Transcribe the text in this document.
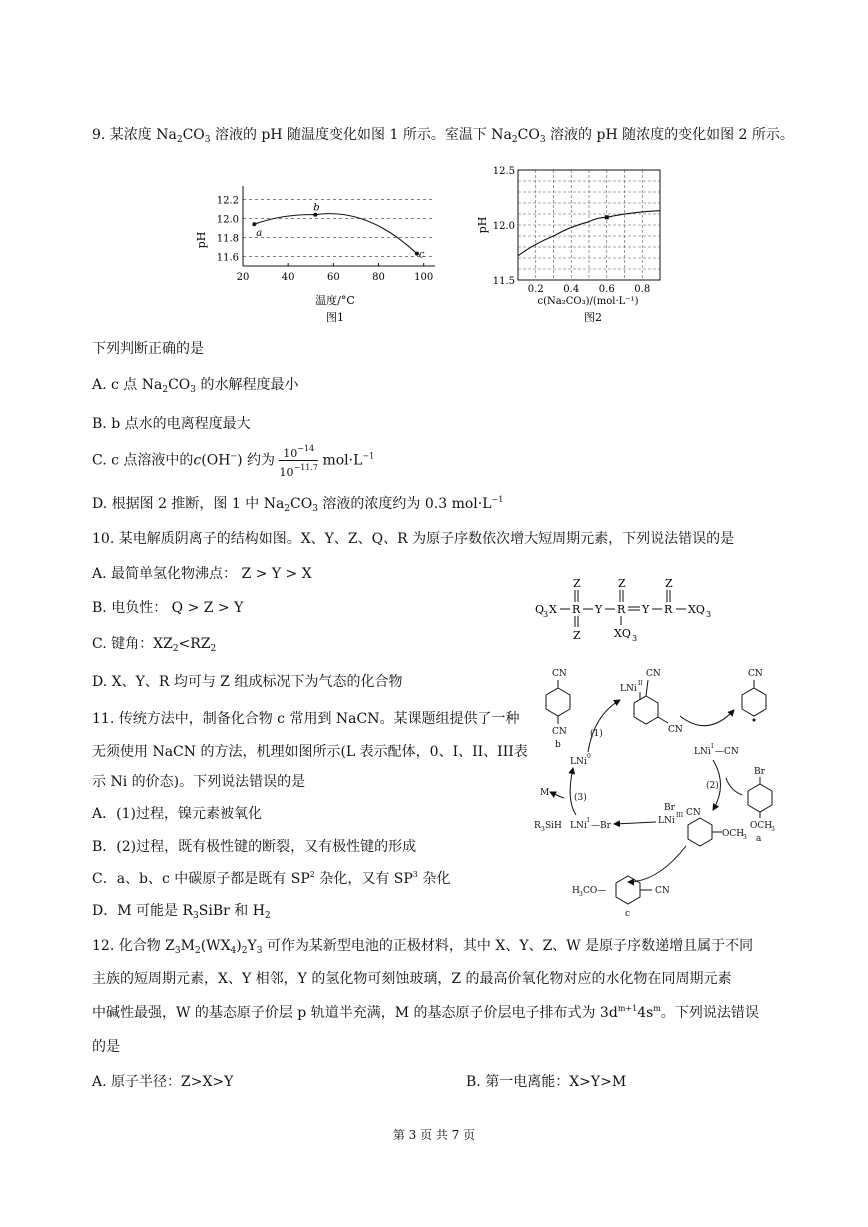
9. 某浓度 $Na_2CO_3$ 溶液的 pH 随温度变化如图 1 所示。室温下 $Na_2CO_3$ 溶液的 pH 随浓度的变化如图 2 所示。
12.2
12.0
11.8
11.6
20	40	60	80	100
a
b
c
pH
温度/°C
图1
12.5
12.0
11.5
0.2 0.4 0.6 0.8
pH
c(Na₂CO₃)/(mol·L⁻¹)
图2
下列判断正确的是
A. c 点 $Na_2CO_3$ 的水解程度最小
B. b 点水的电离程度最大
C. c 点溶液中的c(OH−) 约为 $\frac{10^{-14}}{10^{-11.7}} mol\cdot L^{-1}$
D. 根据图 2 推断，图 1 中 $Na_2CO_3$ 溶液的浓度约为 0.3 $mol\cdot L^{-1}$
10. 某电解质阴离子的结构如图。X、Y、Z、Q、R 为原子序数依次增大短周期元素，下列说法错误的是
A. 最简单氢化物沸点： Z > Y > X
B. 电负性： Q > Z > Y
C. 键角：$XZ_2<RZ_2$
D. X、Y、R 均可与 Z 组成标况下为气态的化合物
Q
3 X R
Z
Z
Y R
Z
XQ 3
Y R
Z
XQ 3
11. 传统方法中，制备化合物 c 常用到 NaCN。某课题组提供了一种
无须使用 NaCN 的方法，机理如图所示(L 表示配体，0、I、II、III表
示 Ni 的价态)。下列说法错误的是
A．(1)过程，镍元素被氧化
B．(2)过程，既有极性键的断裂，又有极性键的形成
C．a、b、c 中碳原子都是既有 $SP^2$ 杂化，又有 $SP^3$ 杂化
D．M 可能是 $R_3SiBr$ 和 $H_2$
CN
CN
b
LNi
II
CN
CN
CN
LNi
I
—CN
Br
OCH
3
a
(2)
Br
LNi
III CN
OCH
3
LNi
I
—Br
R 3 SiH
(3)
M
LNi
0
(1)
H 3 CO—	CN
c
12. 化合物 $Z_3M_2(WX_4)_2Y_3$ 可作为某新型电池的正极材料，其中 X、Y、Z、W 是原子序数递增且属于不同
主族的短周期元素，X、Y 相邻，Y 的氢化物可刻蚀玻璃，Z 的最高价氧化物对应的水化物在同周期元素
中碱性最强，W 的基态原子价层 p 轨道半充满，M 的基态原子价层电子排布式为 $3d^{m+1}4s^m$。下列说法错误
的是
A. 原子半径：Z>X>Y	B. 第一电离能：X>Y>M
第 3 页 共 7 页
